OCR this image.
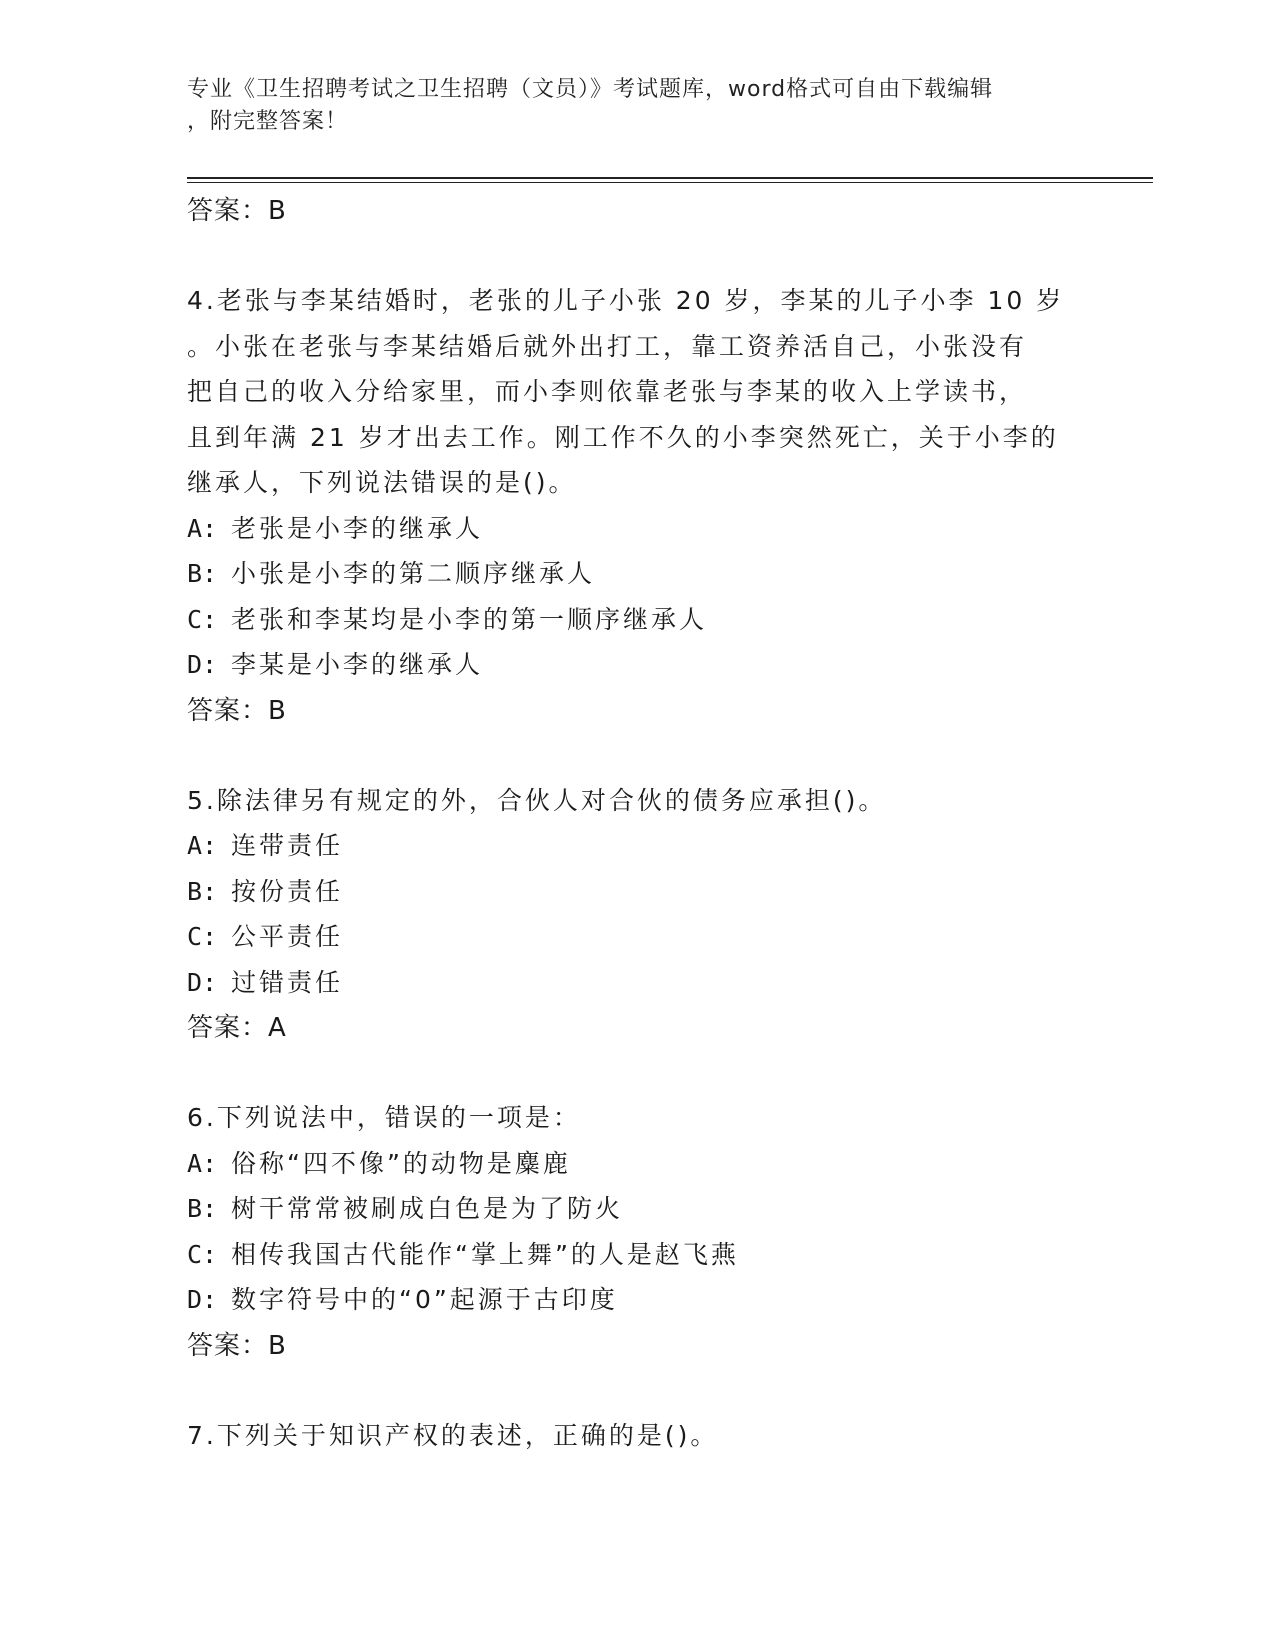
专业《卫生招聘考试之卫生招聘（文员）》考试题库，word格式可自由下载编辑
，附完整答案！
答案：B
4.老张与李某结婚时，老张的儿子小张 20 岁，李某的儿子小李 10 岁
。小张在老张与李某结婚后就外出打工，靠工资养活自己，小张没有
把自己的收入分给家里，而小李则依靠老张与李某的收入上学读书，
且到年满 21 岁才出去工作。刚工作不久的小李突然死亡，关于小李的
继承人，下列说法错误的是()。
A: 老张是小李的继承人
B: 小张是小李的第二顺序继承人
C: 老张和李某均是小李的第一顺序继承人
D: 李某是小李的继承人
答案：B
5.除法律另有规定的外，合伙人对合伙的债务应承担()。
A: 连带责任
B: 按份责任
C: 公平责任
D: 过错责任
答案：A
6.下列说法中，错误的一项是：
A: 俗称“四不像”的动物是麋鹿
B: 树干常常被刷成白色是为了防火
C: 相传我国古代能作“掌上舞”的人是赵飞燕
D: 数字符号中的“0”起源于古印度
答案：B
7.下列关于知识产权的表述，正确的是()。
